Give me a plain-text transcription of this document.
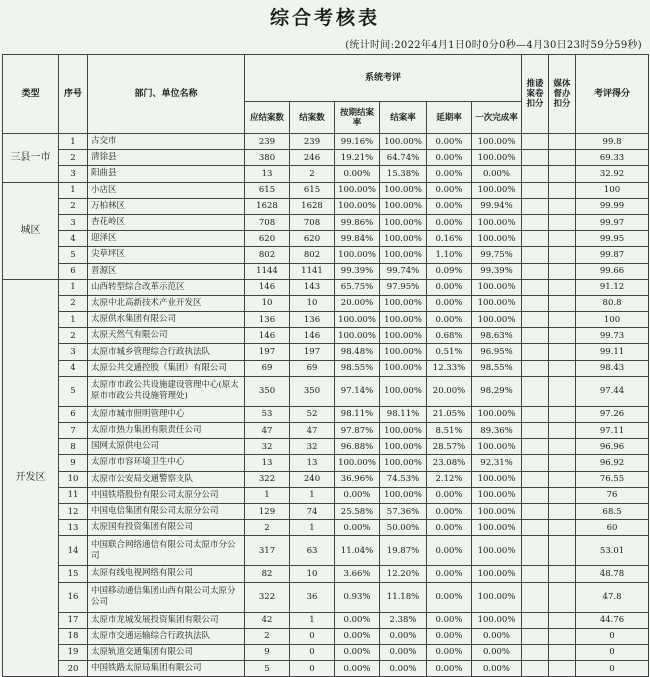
综合考核表
(统计时间:2022年4月1日0时0分0秒—4月30日23时59分59秒)
类型	序号	部门、单位名称	系统考评						推诿案卷扣分	媒体督办扣分	考评得分
			应结案数	结案数	按期结案率	结案率	延期率	一次完成率			
三县一市	1	古交市	239	239	99.16%	100.00%	0.00%	100.00%			99.8
	2	清徐县	380	246	19.21%	64.74%	0.00%	100.00%			69.33
	3	阳曲县	13	2	0.00%	15.38%	0.00%	0.00%			32.92
城区	1	小店区	615	615	100.00%	100.00%	0.00%	100.00%			100
	2	万柏林区	1628	1628	100.00%	100.00%	0.00%	99.94%			99.99
	3	杏花岭区	708	708	99.86%	100.00%	0.00%	100.00%			99.97
	4	迎泽区	620	620	99.84%	100.00%	0.16%	100.00%			99.95
	5	尖草坪区	802	802	100.00%	100.00%	1.10%	99.75%			99.87
	6	晋源区	1144	1141	99.39%	99.74%	0.09%	99.39%			99.66
开发区	1	山西转型综合改革示范区	146	143	65.75%	97.95%	0.00%	100.00%			91.12
	2	太原中北高新技术产业开发区	10	10	20.00%	100.00%	0.00%	100.00%			80.8
	1	太原供水集团有限公司	136	136	100.00%	100.00%	0.00%	100.00%			100
	2	太原天然气有限公司	146	146	100.00%	100.00%	0.68%	98.63%			99.73
	3	太原市城乡管理综合行政执法队	197	197	98.48%	100.00%	0.51%	96.95%			99.11
	4	太原公共交通控股（集团）有限公司	69	69	98.55%	100.00%	12.33%	98.55%			98.43
	5	太原市市政公共设施建设管理中心(原太原市市政公共设施管理处)	350	350	97.14%	100.00%	20.00%	98.29%			97.44
	6	太原市城市照明管理中心	53	52	98.11%	98.11%	21.05%	100.00%			97.26
	7	太原市热力集团有限责任公司	47	47	97.87%	100.00%	8.51%	89.36%			97.11
	8	国网太原供电公司	32	32	96.88%	100.00%	28.57%	100.00%			96.96
	9	太原市市容环境卫生中心	13	13	100.00%	100.00%	23.08%	92.31%			96.92
	10	太原市公安局交通警察支队	322	240	36.96%	74.53%	2.12%	100.00%			76.55
	11	中国铁塔股份有限公司太原分公司	1	1	0.00%	100.00%	0.00%	100.00%			76
	12	中国电信集团有限公司太原分公司	129	74	25.58%	57.36%	0.00%	100.00%			68.5
	13	太原国有投资集团有限公司	2	1	0.00%	50.00%	0.00%	100.00%			60
	14	中国联合网络通信有限公司太原市分公司	317	63	11.04%	19.87%	0.00%	100.00%			53.01
	15	太原有线电视网络有限公司	82	10	3.66%	12.20%	0.00%	100.00%			48.78
	16	中国移动通信集团山西有限公司太原分公司	322	36	0.93%	11.18%	0.00%	100.00%			47.8
	17	太原市龙城发展投资集团有限公司	42	1	0.00%	2.38%	0.00%	100.00%			44.76
	18	太原市交通运输综合行政执法队	2	0	0.00%	0.00%	0.00%	0.00%			0
	19	太原轨道交通集团有限公司	9	0	0.00%	0.00%	0.00%	0.00%			0
	20	中国铁路太原局集团有限公司	5	0	0.00%	0.00%	0.00%	0.00%			0
